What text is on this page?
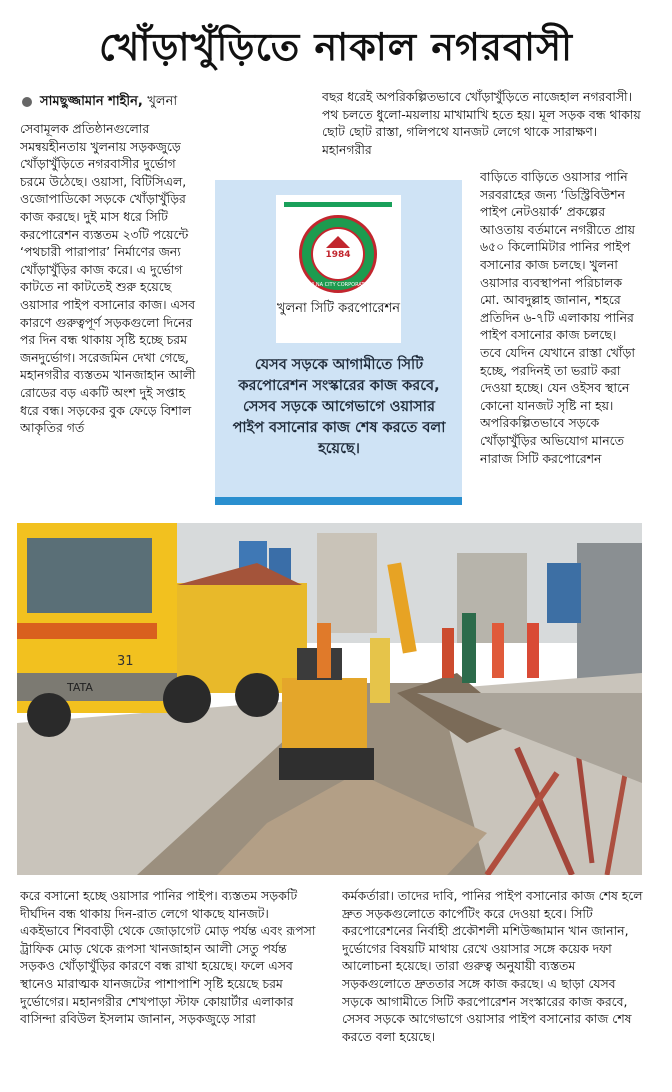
খোঁড়াখুঁড়িতে নাকাল নগরবাসী
সামছুজ্জামান শাহীন, খুলনা

সেবামূলক প্রতিষ্ঠানগুলোর সমন্বয়হীনতায় খুলনায় সড়কজুড়ে খোঁড়াখুঁড়িতে নগরবাসীর দুর্ভোগ চরমে উঠেছে। ওয়াসা, বিটিসিএল, ওজোপাডিকো সড়কে খোঁড়াখুঁড়ির কাজ করছে। দুই মাস ধরে সিটি করপোরেশন ব্যস্ততম ২৩টি পয়েন্টে ‘পথচারী পারাপার’ নির্মাণের জন্য খোঁড়াখুঁড়ির কাজ করে। এ দুর্ভোগ কাটতে না কাটতেই শুরু হয়েছে ওয়াসার পাইপ বসানোর কাজ। এসব কারণে গুরুত্বপূর্ণ সড়কগুলো দিনের পর দিন বন্ধ থাকায় সৃষ্টি হচ্ছে চরম জনদুর্ভোগ। সরেজমিন দেখা গেছে, মহানগরীর ব্যস্ততম খানজাহান আলী রোডের বড় একটি অংশ দুই সপ্তাহ ধরে বন্ধ। সড়কের বুক ফেড়ে বিশাল আকৃতির গর্ত

বছর ধরেই অপরিকল্পিতভাবে খোঁড়াখুঁড়িতে নাজেহাল নগরবাসী। পথ চলতে ধুলো-ময়লায় মাখামাখি হতে হয়। মূল সড়ক বন্ধ থাকায় ছোট ছোট রাস্তা, গলিপথে যানজট লেগে থাকে সারাক্ষণ। মহানগরীর

বাড়িতে বাড়িতে ওয়াসার পানি সরবরাহের জন্য ‘ডিস্ট্রিবিউশন পাইপ নেটওয়ার্ক’ প্রকল্পের আওতায় বর্তমানে নগরীতে প্রায় ৬৫০ কিলোমিটার পানির পাইপ বসানোর কাজ চলছে। খুলনা ওয়াসার ব্যবস্থাপনা পরিচালক মো. আবদুল্লাহ জানান, শহরে প্রতিদিন ৬-৭টি এলাকায় পানির পাইপ বসানোর কাজ চলছে। তবে যেদিন যেখানে রাস্তা খোঁড়া হচ্ছে, পরদিনই তা ভরাট করা দেওয়া হচ্ছে। যেন ওইসব স্থানে কোনো যানজট সৃষ্টি না হয়। অপরিকল্পিতভাবে সড়কে খোঁড়াখুঁড়ির অভিযোগ মানতে নারাজ সিটি করপোরেশন

1984
KHULNA CITY CORPORATION
খুলনা সিটি করপোরেশন
যেসব সড়কে আগামীতে সিটি করপোরেশন সংস্কারের কাজ করবে, সেসব সড়কে আগেভাগে ওয়াসার পাইপ বসানোর কাজ শেষ করতে বলা হয়েছে।
31
TATA

করে বসানো হচ্ছে ওয়াসার পানির পাইপ। ব্যস্ততম সড়কটি দীর্ঘদিন বন্ধ থাকায় দিন-রাত লেগে থাকছে যানজট। একইভাবে শিববাড়ী থেকে জোড়াগেট মোড় পর্যন্ত এবং রূপসা ট্রাফিক মোড় থেকে রূপসা খানজাহান আলী সেতু পর্যন্ত সড়কও খোঁড়াখুঁড়ির কারণে বন্ধ রাখা হয়েছে। ফলে এসব স্থানেও মারাত্মক যানজটের পাশাপাশি সৃষ্টি হয়েছে চরম দুর্ভোগের। মহানগরীর শেখপাড়া স্টাফ কোয়ার্টার এলাকার বাসিন্দা রবিউল ইসলাম জানান, সড়কজুড়ে সারা

কর্মকর্তারা। তাদের দাবি, পানির পাইপ বসানোর কাজ শেষ হলে দ্রুত সড়কগুলোতে কার্পেটিং করে দেওয়া হবে। সিটি করপোরেশনের নির্বাহী প্রকৌশলী মশিউজ্জামান খান জানান, দুর্ভোগের বিষয়টি মাথায় রেখে ওয়াসার সঙ্গে কয়েক দফা আলোচনা হয়েছে। তারা গুরুত্ব অনুযায়ী ব্যস্ততম সড়কগুলোতে দ্রুততার সঙ্গে কাজ করছে। এ ছাড়া যেসব সড়কে আগামীতে সিটি করপোরেশন সংস্কারের কাজ করবে, সেসব সড়কে আগেভাগে ওয়াসার পাইপ বসানোর কাজ শেষ করতে বলা হয়েছে।
